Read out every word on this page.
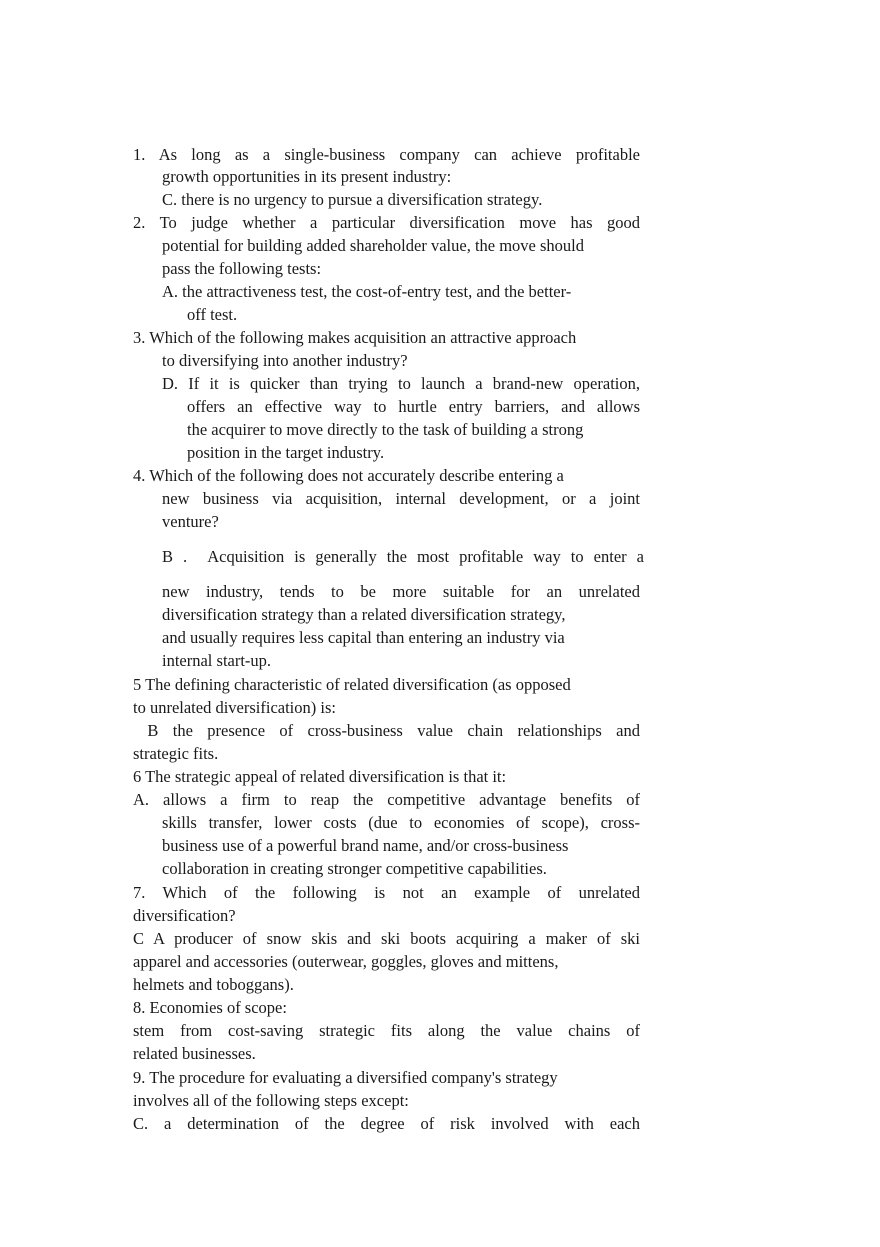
1. As long as a single-business company can achieve profitable
growth opportunities in its present industry:
C. there is no urgency to pursue a diversification strategy.
2. To judge whether a particular diversification move has good
potential for building added shareholder value, the move should
pass the following tests:
A. the attractiveness test, the cost-of-entry test, and the better-
off test.
3. Which of the following makes acquisition an attractive approach
to diversifying into another industry?
D. If it is quicker than trying to launch a brand-new operation,
offers an effective way to hurtle entry barriers, and allows
the acquirer to move directly to the task of building a strong
position in the target industry.
4. Which of the following does not accurately describe entering a
new business via acquisition, internal development, or a joint
venture?
B .  Acquisition is generally the most profitable way to enter a
new industry, tends to be more suitable for an unrelated
diversification strategy than a related diversification strategy,
and usually requires less capital than entering an industry via
internal start-up.
5 The defining characteristic of related diversification (as opposed
to unrelated diversification) is:
B the presence of cross-business value chain relationships and
strategic fits.
6 The strategic appeal of related diversification is that it:
A. allows a firm to reap the competitive advantage benefits of
skills transfer, lower costs (due to economies of scope), cross-
business use of a powerful brand name, and/or cross-business
collaboration in creating stronger competitive capabilities.
7. Which of the following is not an example of unrelated
diversification?
C A producer of snow skis and ski boots acquiring a maker of ski
apparel and accessories (outerwear, goggles, gloves and mittens,
helmets and toboggans).
8. Economies of scope:
stem from cost-saving strategic fits along the value chains of
related businesses.
9. The procedure for evaluating a diversified company's strategy
involves all of the following steps except:
C. a determination of the degree of risk involved with each
